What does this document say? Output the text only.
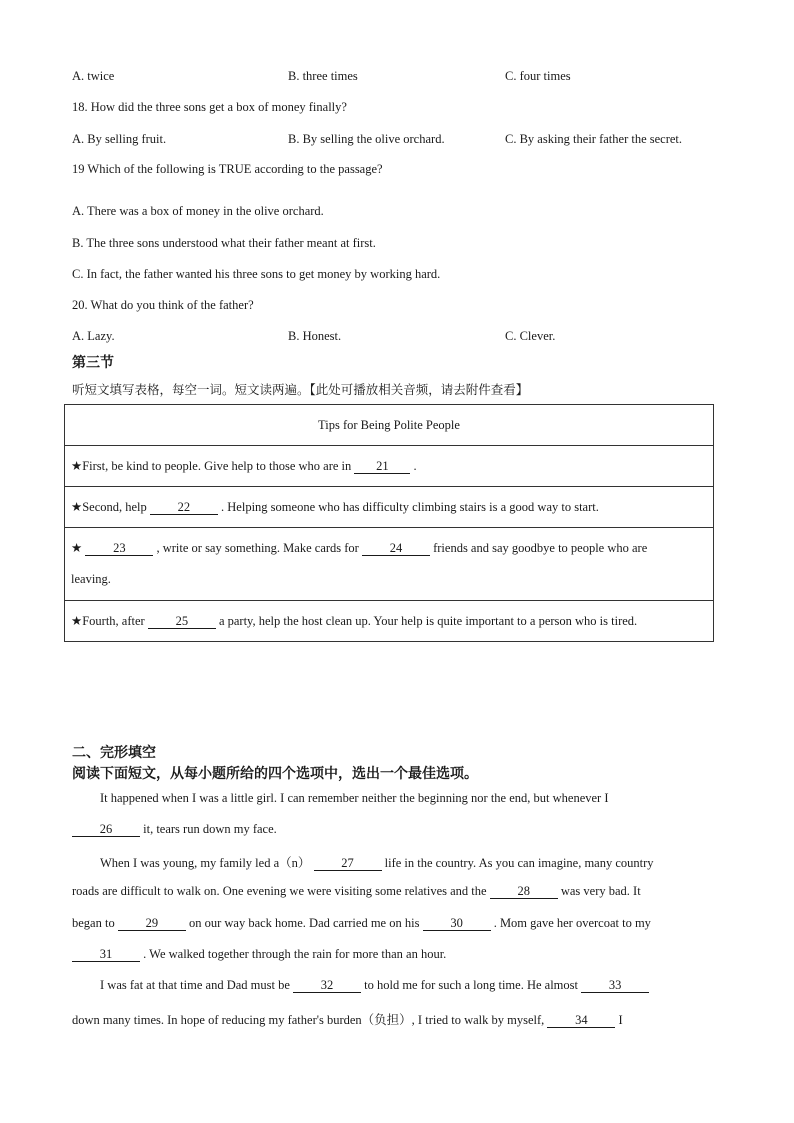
A. twice	B. three times	C. four times
18. How did the three sons get a box of money finally?
A. By selling fruit.	B. By selling the olive orchard.	C. By asking their father the secret.
19 Which of the following is TRUE according to the passage?
A. There was a box of money in the olive orchard.
B. The three sons understood what their father meant at first.
C. In fact, the father wanted his three sons to get money by working hard.
20. What do you think of the father?
A. Lazy.	B. Honest.	C. Clever.
第三节
听短文填写表格，每空一词。短文读两遍。【此处可播放相关音频，请去附件查看】
Tips for Being Polite People
★First, be kind to people. Give help to those who are in 21 .
★Second, help 22 . Helping someone who has difficulty climbing stairs is a good way to start.
★ 23 , write or say something. Make cards for 24 friends and say goodbye to people who are
leaving.
★Fourth, after 25 a party, help the host clean up. Your help is quite important to a person who is tired.
二、完形填空
阅读下面短文，从每小题所给的四个选项中，选出一个最佳选项。
It happened when I was a little girl. I can remember neither the beginning nor the end, but whenever I
26 it, tears run down my face.
When I was young, my family led a（n） 27 life in the country. As you can imagine, many country
roads are difficult to walk on. One evening we were visiting some relatives and the 28 was very bad. It
began to 29 on our way back home. Dad carried me on his 30 . Mom gave her overcoat to my
31 . We walked together through the rain for more than an hour.
I was fat at that time and Dad must be 32 to hold me for such a long time. He almost 33
down many times. In hope of reducing my father's burden（负担）, I tried to walk by myself, 34 I
